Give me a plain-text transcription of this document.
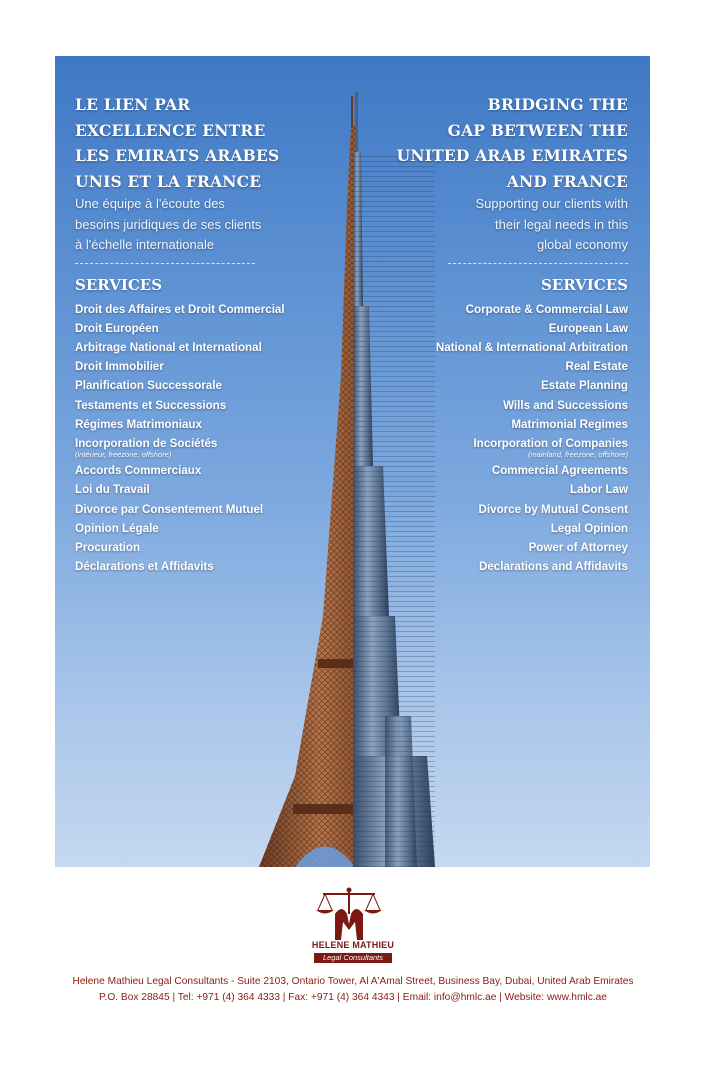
LE LIEN PAR
EXCELLENCE ENTRE
LES EMIRATS ARABES
UNIS ET LA FRANCE

Une équipe à l'écoute des
besoins juridiques de ses clients
à l'échelle internationale

SERVICES
Droit des Affaires et Droit Commercial
Droit Européen
Arbitrage National et International
Droit Immobilier
Planification Successorale
Testaments et Successions
Régimes Matrimoniaux
Incorporation de Sociétés
(intérieur, freezone, offshore)
Accords Commerciaux
Loi du Travail
Divorce par Consentement Mutuel
Opinion Légale
Procuration
Déclarations et Affidavits
BRIDGING THE
GAP BETWEEN THE
UNITED ARAB EMIRATES
AND FRANCE

Supporting our clients with
their legal needs in this
global economy

SERVICES
Corporate & Commercial Law
European Law
National & International Arbitration
Real Estate
Estate Planning
Wills and Successions
Matrimonial Regimes
Incorporation of Companies
(mainland, freezone, offshore)
Commercial Agreements
Labor Law
Divorce by Mutual Consent
Legal Opinion
Power of Attorney
Declarations and Affidavits
HELENE MATHIEU
Legal Consultants
Helene Mathieu Legal Consultants - Suite 2103, Ontario Tower, Al A'Amal Street, Business Bay, Dubai, United Arab Emirates
P.O. Box 28845 | Tel: +971 (4) 364 4333 | Fax: +971 (4) 364 4343 | Email: info@hmlc.ae | Website: www.hmlc.ae
